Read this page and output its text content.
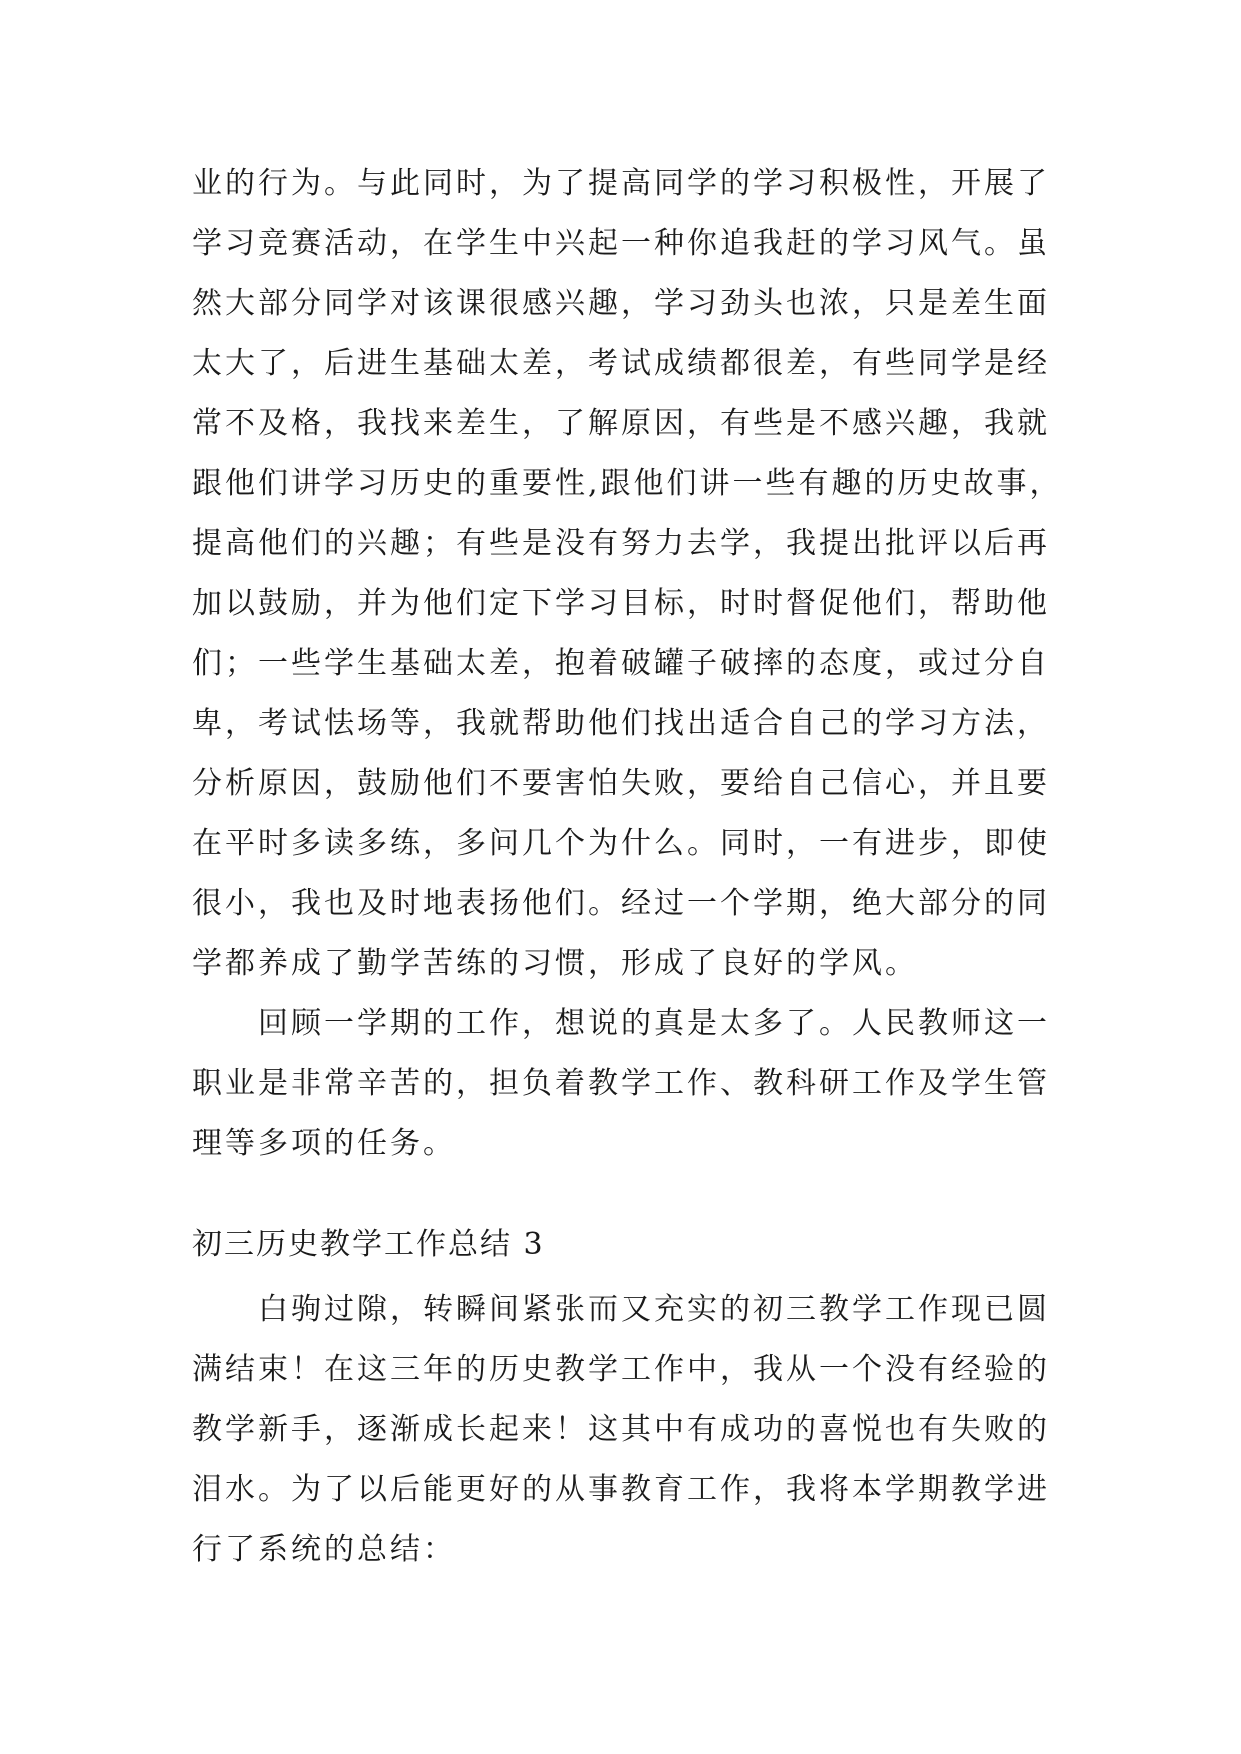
业的行为。与此同时，为了提高同学的学习积极性，开展了
学习竞赛活动，在学生中兴起一种你追我赶的学习风气。虽
然大部分同学对该课很感兴趣，学习劲头也浓，只是差生面
太大了，后进生基础太差，考试成绩都很差，有些同学是经
常不及格，我找来差生，了解原因，有些是不感兴趣，我就
跟他们讲学习历史的重要性,跟他们讲一些有趣的历史故事，
提高他们的兴趣；有些是没有努力去学，我提出批评以后再
加以鼓励，并为他们定下学习目标，时时督促他们，帮助他
们；一些学生基础太差，抱着破罐子破摔的态度，或过分自
卑，考试怯场等，我就帮助他们找出适合自己的学习方法，
分析原因，鼓励他们不要害怕失败，要给自己信心，并且要
在平时多读多练，多问几个为什么。同时，一有进步，即使
很小，我也及时地表扬他们。经过一个学期，绝大部分的同
学都养成了勤学苦练的习惯，形成了良好的学风。
　　回顾一学期的工作，想说的真是太多了。人民教师这一
职业是非常辛苦的，担负着教学工作、教科研工作及学生管
理等多项的任务。
初三历史教学工作总结 3
　　白驹过隙，转瞬间紧张而又充实的初三教学工作现已圆
满结束！在这三年的历史教学工作中，我从一个没有经验的
教学新手，逐渐成长起来！这其中有成功的喜悦也有失败的
泪水。为了以后能更好的从事教育工作，我将本学期教学进
行了系统的总结：
